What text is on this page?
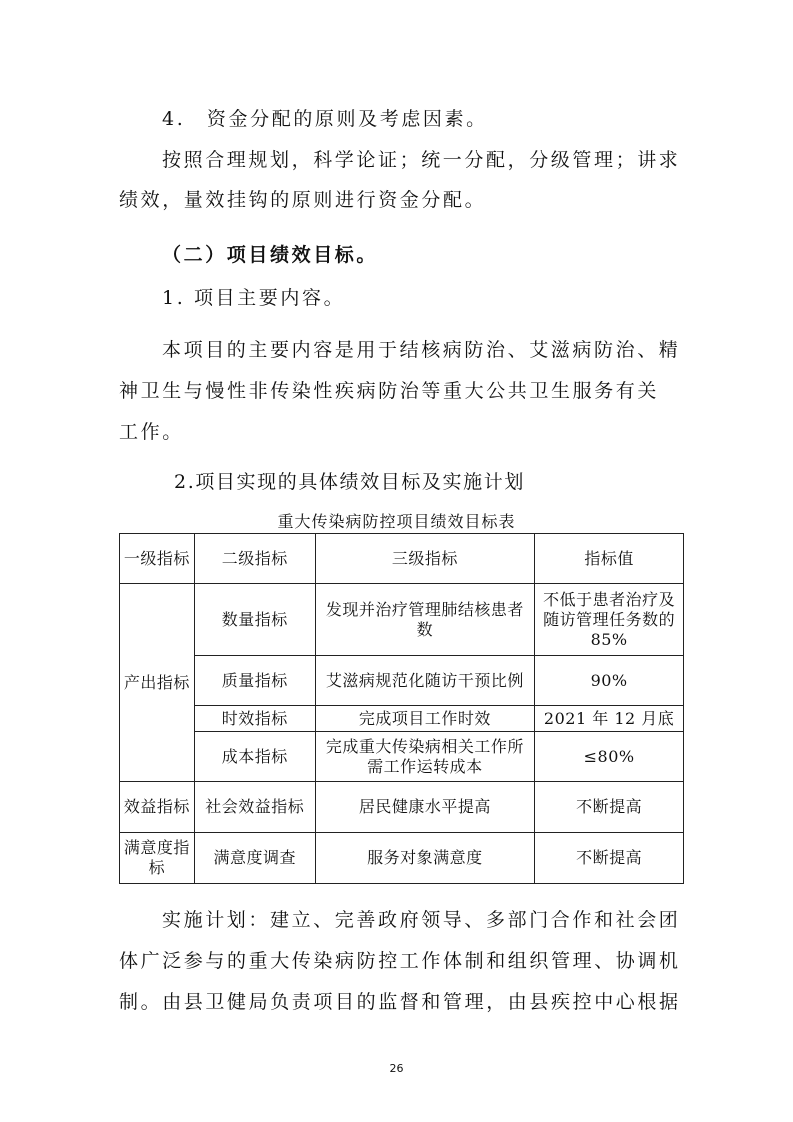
4.　资金分配的原则及考虑因素。
按照合理规划，科学论证；统一分配，分级管理；讲求
绩效，量效挂钩的原则进行资金分配。
（二）项目绩效目标。
1. 项目主要内容。
本项目的主要内容是用于结核病防治、艾滋病防治、精
神卫生与慢性非传染性疾病防治等重大公共卫生服务有关
工作。
2.项目实现的具体绩效目标及实施计划
重大传染病防控项目绩效目标表
一级指标	二级指标	三级指标	指标值
产出指标	数量指标	发现并治疗管理肺结核患者数	不低于患者治疗及随访管理任务数的85%
	质量指标	艾滋病规范化随访干预比例	90%
	时效指标	完成项目工作时效	2021 年 12 月底
	成本指标	完成重大传染病相关工作所需工作运转成本	≤80%
效益指标	社会效益指标	居民健康水平提高	不断提高
满意度指标	满意度调查	服务对象满意度	不断提高
实施计划：建立、完善政府领导、多部门合作和社会团
体广泛参与的重大传染病防控工作体制和组织管理、协调机
制。由县卫健局负责项目的监督和管理，由县疾控中心根据
26
